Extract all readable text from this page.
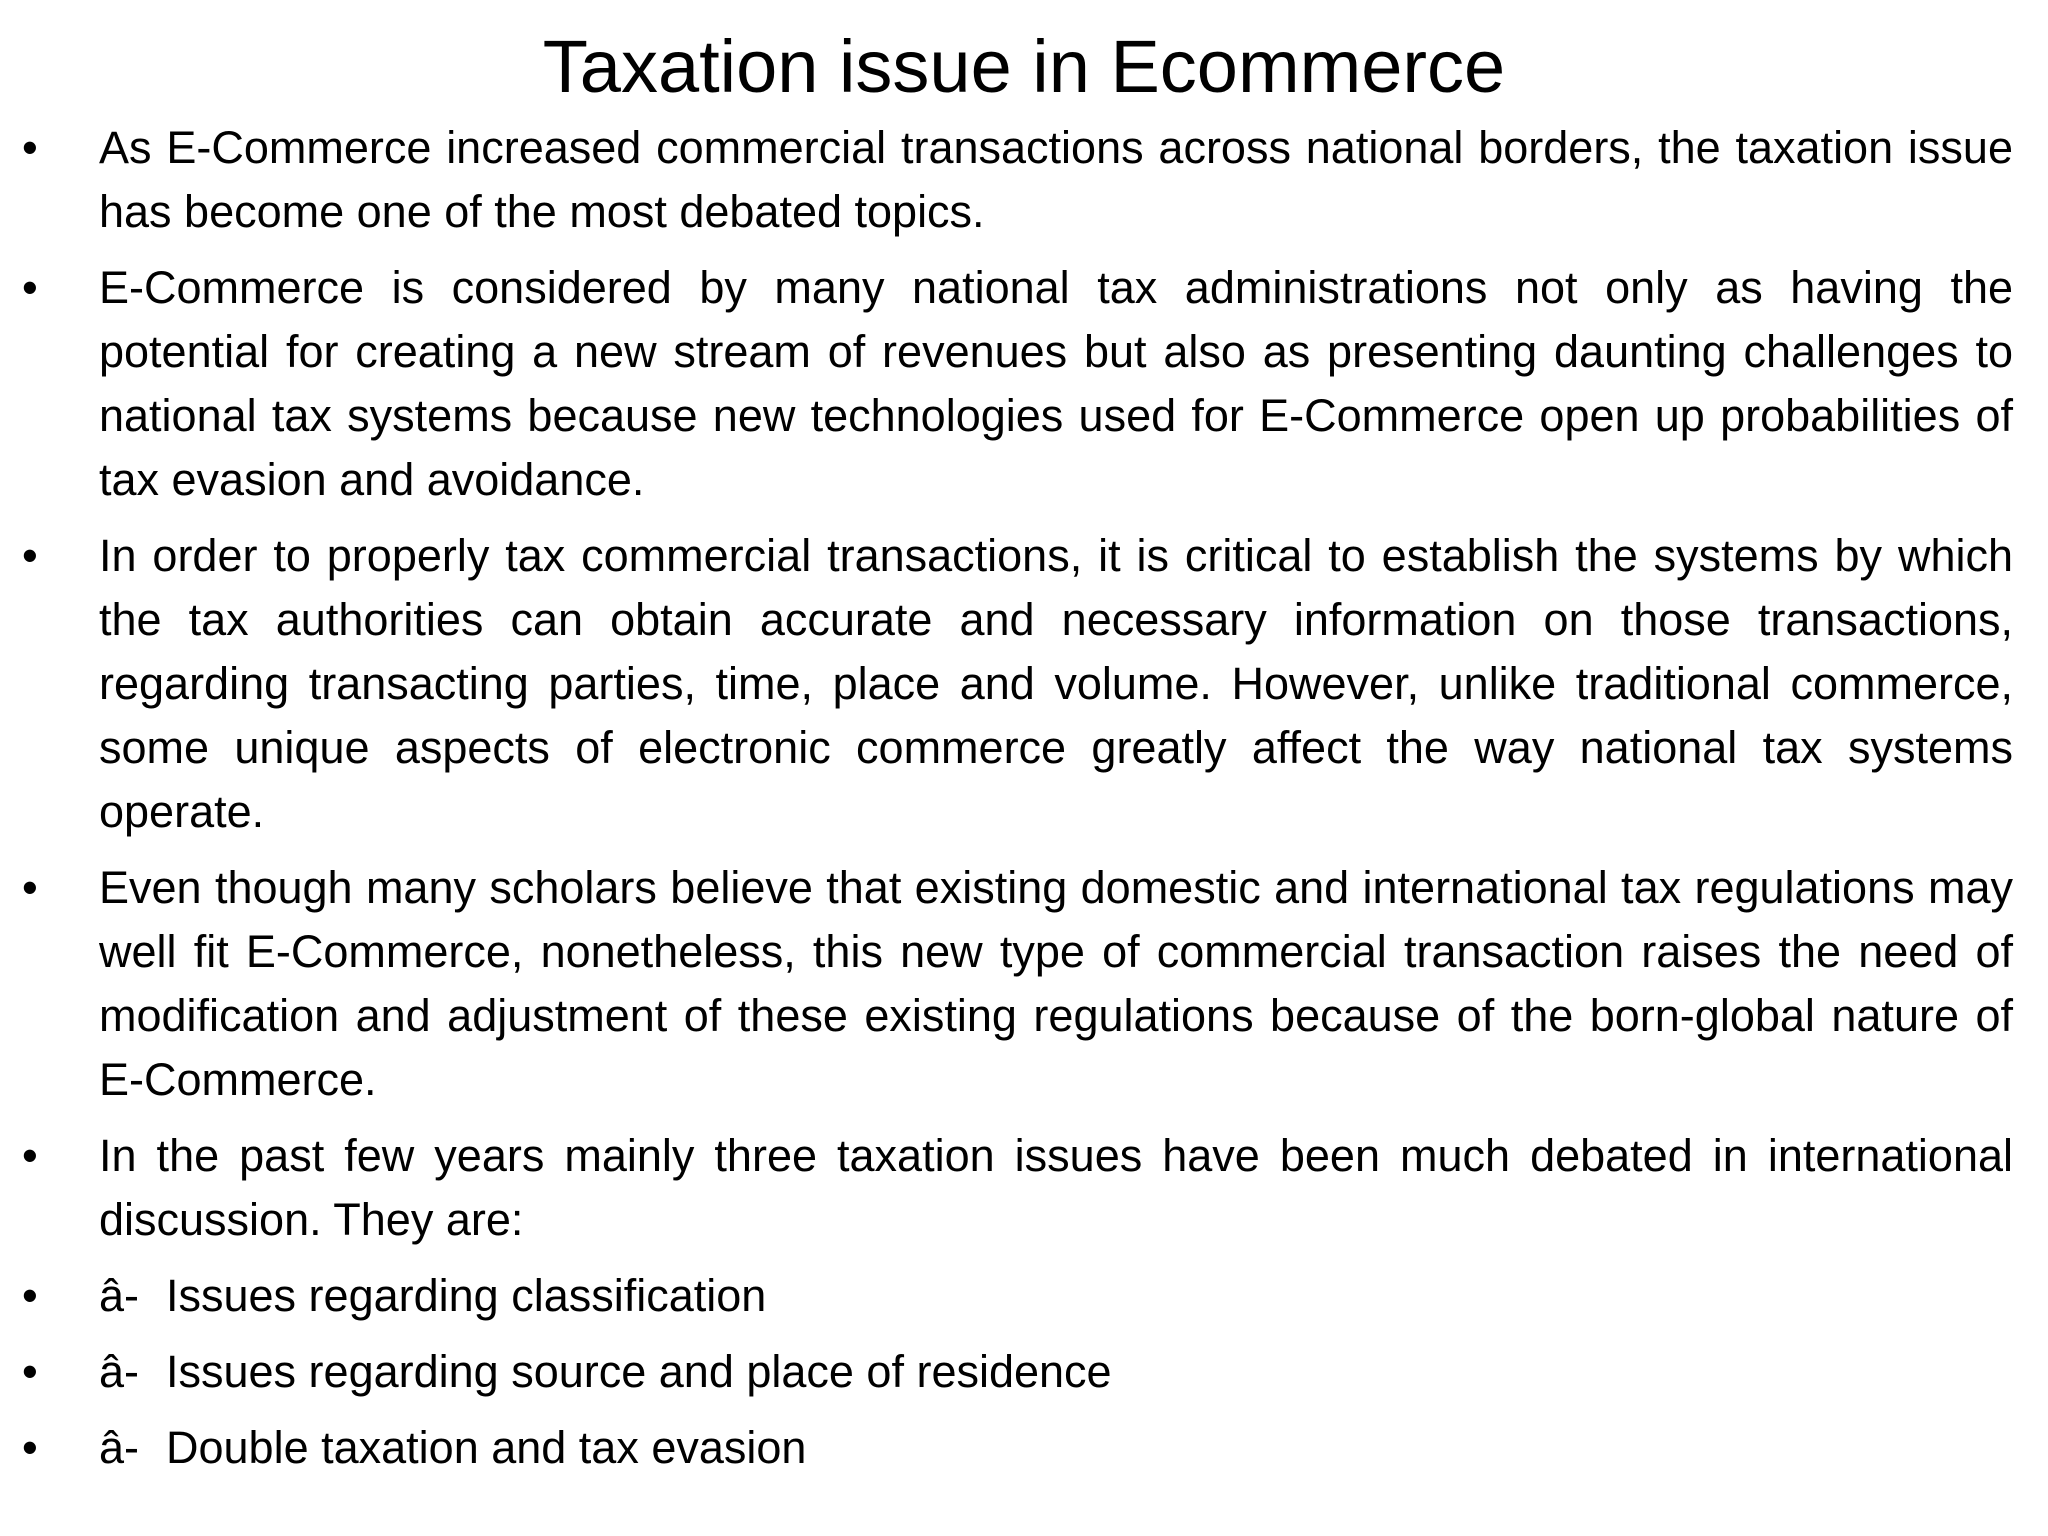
Taxation issue in Ecommerce
• As E-Commerce increased commercial transactions across national borders, the taxation issue has become one of the most debated topics.
• E-Commerce is considered by many national tax administrations not only as having the potential for creating a new stream of revenues but also as presenting daunting challenges to national tax systems because new technologies used for E-Commerce open up probabilities of tax evasion and avoidance.
• In order to properly tax commercial transactions, it is critical to establish the systems by which the tax authorities can obtain accurate and necessary information on those transactions, regarding transacting parties, time, place and volume. However, unlike traditional commerce, some unique aspects of electronic commerce greatly affect the way national tax systems operate.
• Even though many scholars believe that existing domestic and international tax regulations may well fit E-Commerce, nonetheless, this new type of commercial transaction raises the need of modification and adjustment of these existing regulations because of the born-global nature of E-Commerce.
• In the past few years mainly three taxation issues have been much debated in international discussion. They are:
• â- Issues regarding classification
• â- Issues regarding source and place of residence
• â- Double taxation and tax evasion
